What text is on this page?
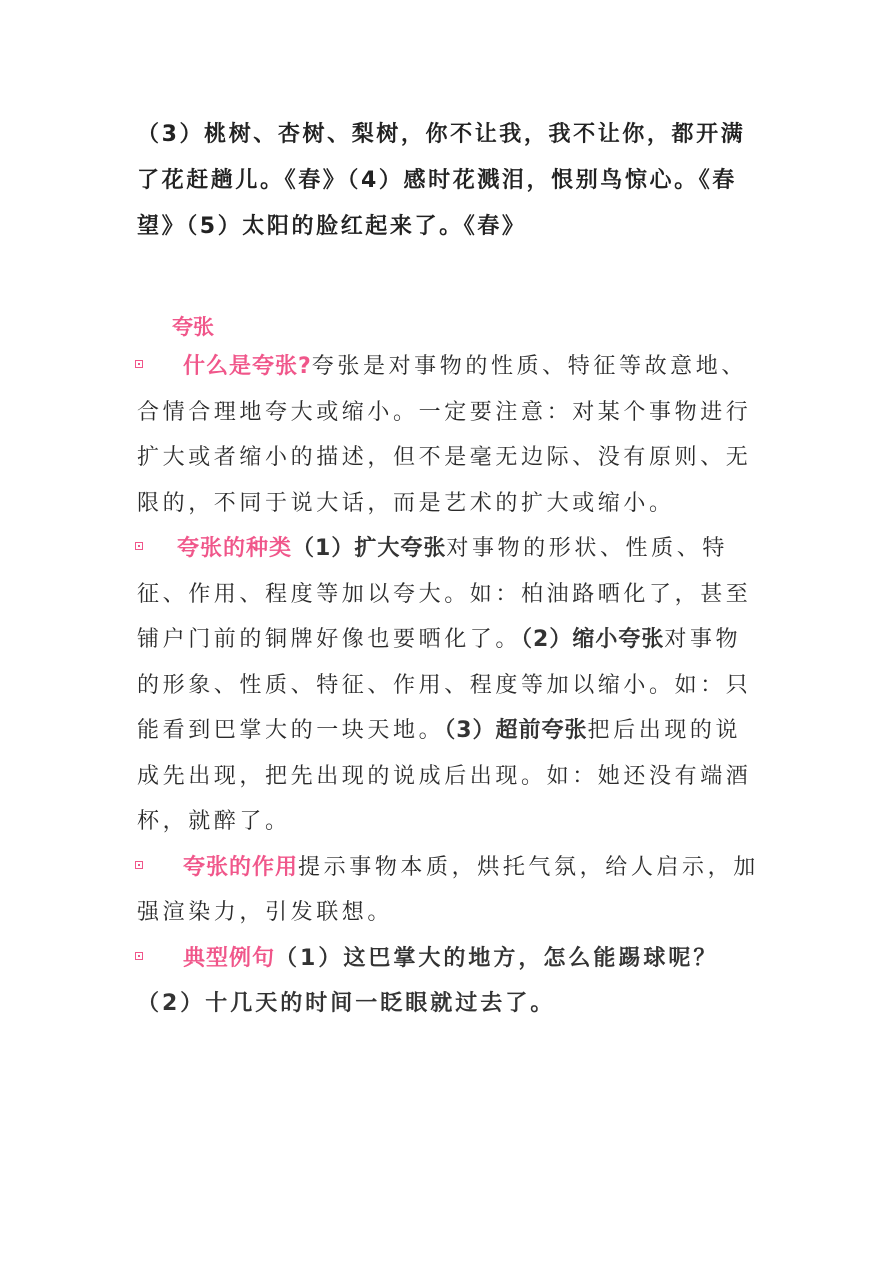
（3）桃树、杏树、梨树，你不让我，我不让你，都开满了花赶趟儿。《春》（4）感时花溅泪，恨别鸟惊心。《春望》（5）太阳的脸红起来了。《春》
夸张
什么是夸张?夸张是对事物的性质、特征等故意地、合情合理地夸大或缩小。一定要注意：对某个事物进行扩大或者缩小的描述，但不是毫无边际、没有原则、无限的，不同于说大话，而是艺术的扩大或缩小。
夸张的种类（1）扩大夸张对事物的形状、性质、特征、作用、程度等加以夸大。如：柏油路晒化了，甚至铺户门前的铜牌好像也要晒化了。（2）缩小夸张对事物的形象、性质、特征、作用、程度等加以缩小。如：只能看到巴掌大的一块天地。（3）超前夸张把后出现的说成先出现，把先出现的说成后出现。如：她还没有端酒杯，就醉了。
夸张的作用提示事物本质，烘托气氛，给人启示，加强渲染力，引发联想。
典型例句（1）这巴掌大的地方，怎么能踢球呢？（2）十几天的时间一眨眼就过去了。
